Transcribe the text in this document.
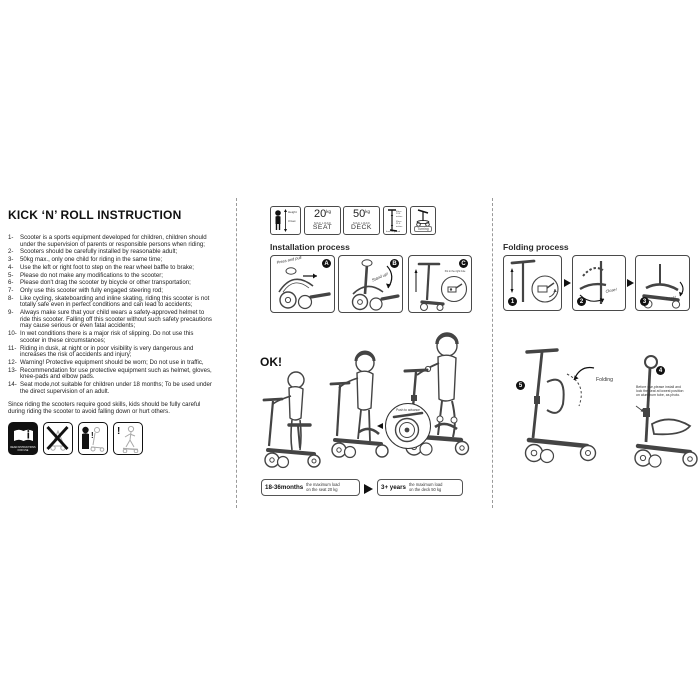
KICK ‘N’ ROLL INSTRUCTION
1-	Scooter is a sports equipment developed for children, children should under the supervision of parents or responsible persons when riding;
2-	Scooters should be carefully installed by reasonable adult;
3-	50kg max., only one child for riding in the same time;
4-	Use the left or right foot to step on the rear wheel baffle to brake;
5-	Please do not make any modifications to the scooter;
6-	Please don't drag the scooter by bicycle or other transportation;
7-	Only use this scooter with fully engaged steering rod;
8-	Like cycling, skateboarding and inline skating, riding this scooter is not totally safe even in perfect conditions and can lead to accidents;
9-	Always make sure that your child wears a safety-approved helmet to ride this scooter. Falling off this scooter without such safety precautions may cause serious or even fatal accidents;
10- In wet conditions there is a major risk of slipping. Do not use this scooter in these circumstances;
11- Riding in dusk, at night or in poor visibility is very dangerous and increases the risk of accidents and injury;
12- Warning! Protective equipment should be worn; Do not use in traffic,
13- Recommendation for use protective equipment such as helmet, gloves, knee-pads and elbow pads.
14- Seat mode,not suitable for children under 18 months; To be used under the direct supervision of an adult.

Since riding the scooters require good skills, kids should be fully careful during riding the scooter to avoid falling down or hurt others.

READ INSTRUCTIONS
FOR USE
! !
Height
3 feet
20 kg
MAX LOAD
SEAT
50 kg
MAX LOAD
DECK
60cm
23.6 inches
55cm
21.6 inches
from the ground
Turning
Installation process
Press and pull	A
Stand up!
B
Put in the right hole
C
Folding process
1
Close!
2
Lock!
3
OK!
Push to advance
18-36months the maximum load
on the seat 20 kg	3+ years the maximum load
on the deck 50 kg
5
Folding
4
Before use,please install and lock the seat at lowest position on aluminum tube, as photo.
